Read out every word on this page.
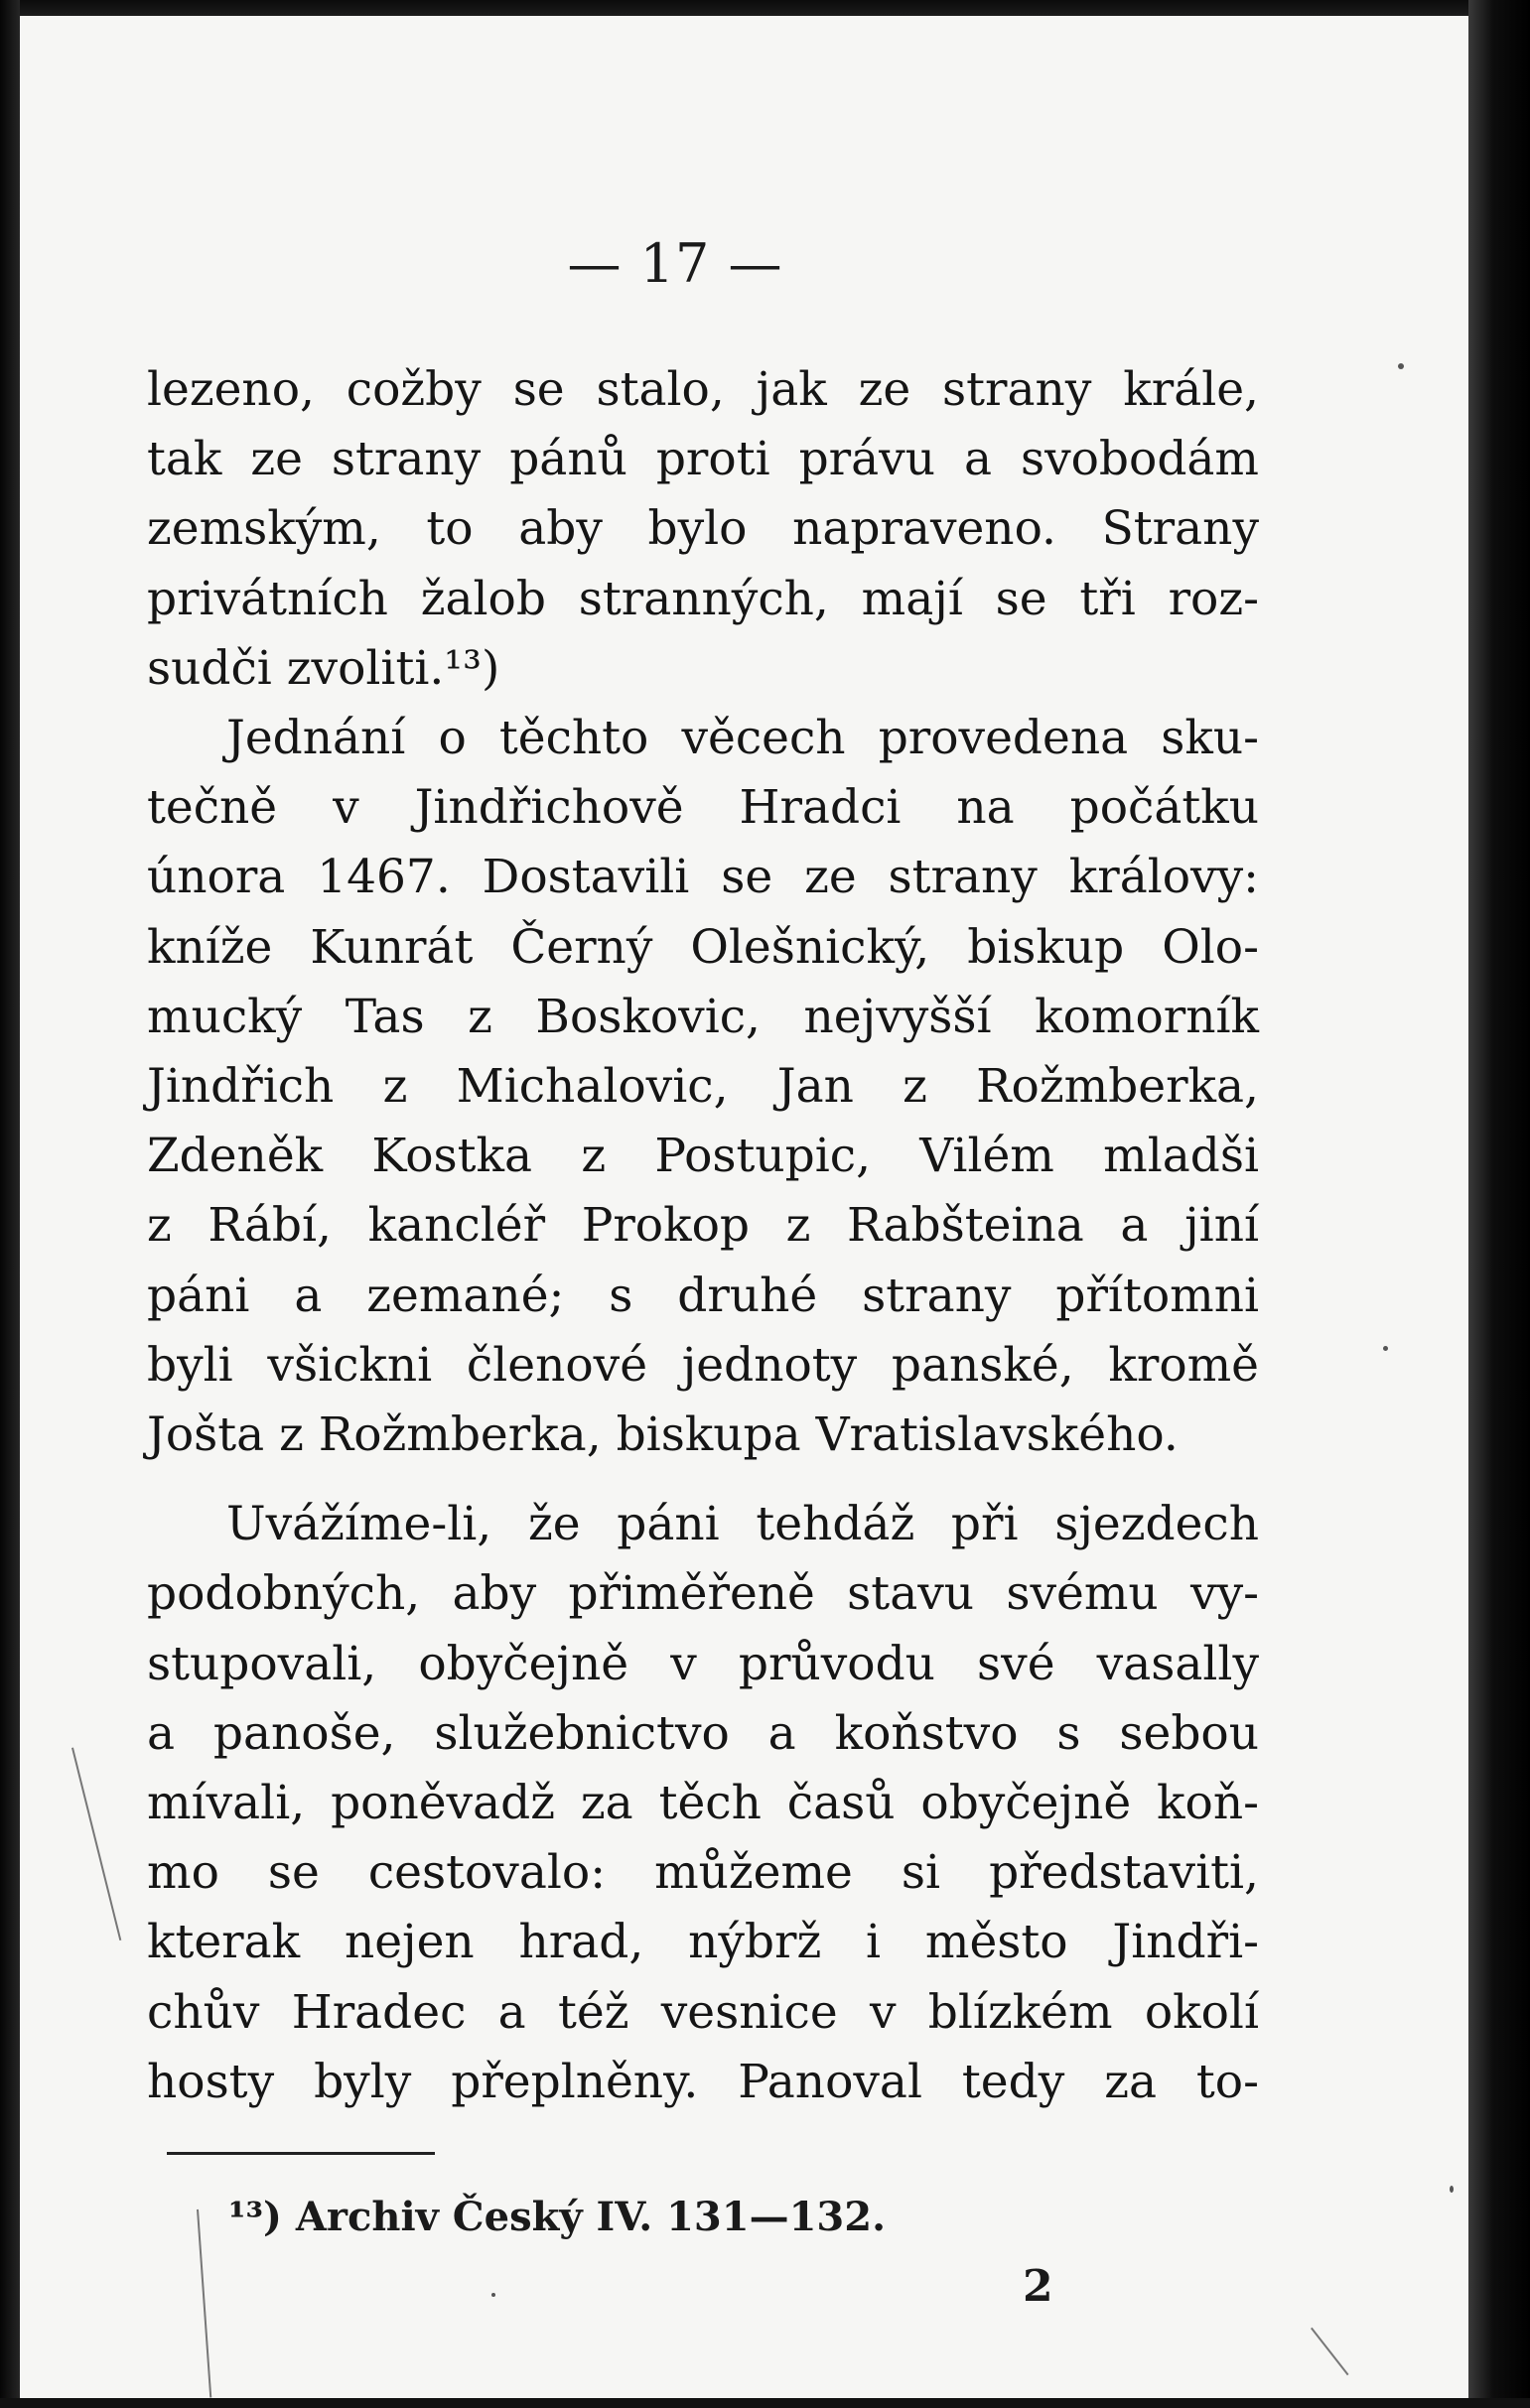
— 17 —
lezeno, cožby se stalo, jak ze strany krále,
tak ze strany pánů proti právu a svobodám
zemským, to aby bylo napraveno. Strany
privátních žalob stranných, mají se tři roz-
sudči zvoliti.¹³)
Jednání o těchto věcech provedena sku-
tečně v Jindřichově Hradci na počátku
února 1467. Dostavili se ze strany královy:
kníže Kunrát Černý Olešnický, biskup Olo-
mucký Tas z Boskovic, nejvyšší komorník
Jindřich z Michalovic, Jan z Rožmberka,
Zdeněk Kostka z Postupic, Vilém mladši
z Rábí, kancléř Prokop z Rabšteina a jiní
páni a zemané; s druhé strany přítomni
byli všickni členové jednoty panské, kromě
Jošta z Rožmberka, biskupa Vratislavského.
Uvážíme-li, že páni tehdáž při sjezdech
podobných, aby přiměřeně stavu svému vy-
stupovali, obyčejně v průvodu své vasally
a panoše, služebnictvo a koňstvo s sebou
mívali, poněvadž za těch časů obyčejně koň-
mo se cestovalo: můžeme si představiti,
kterak nejen hrad, nýbrž i město Jindři-
chův Hradec a též vesnice v blízkém okolí
hosty byly přeplněny. Panoval tedy za to-
¹³) Archiv Český IV. 131—132.
2
